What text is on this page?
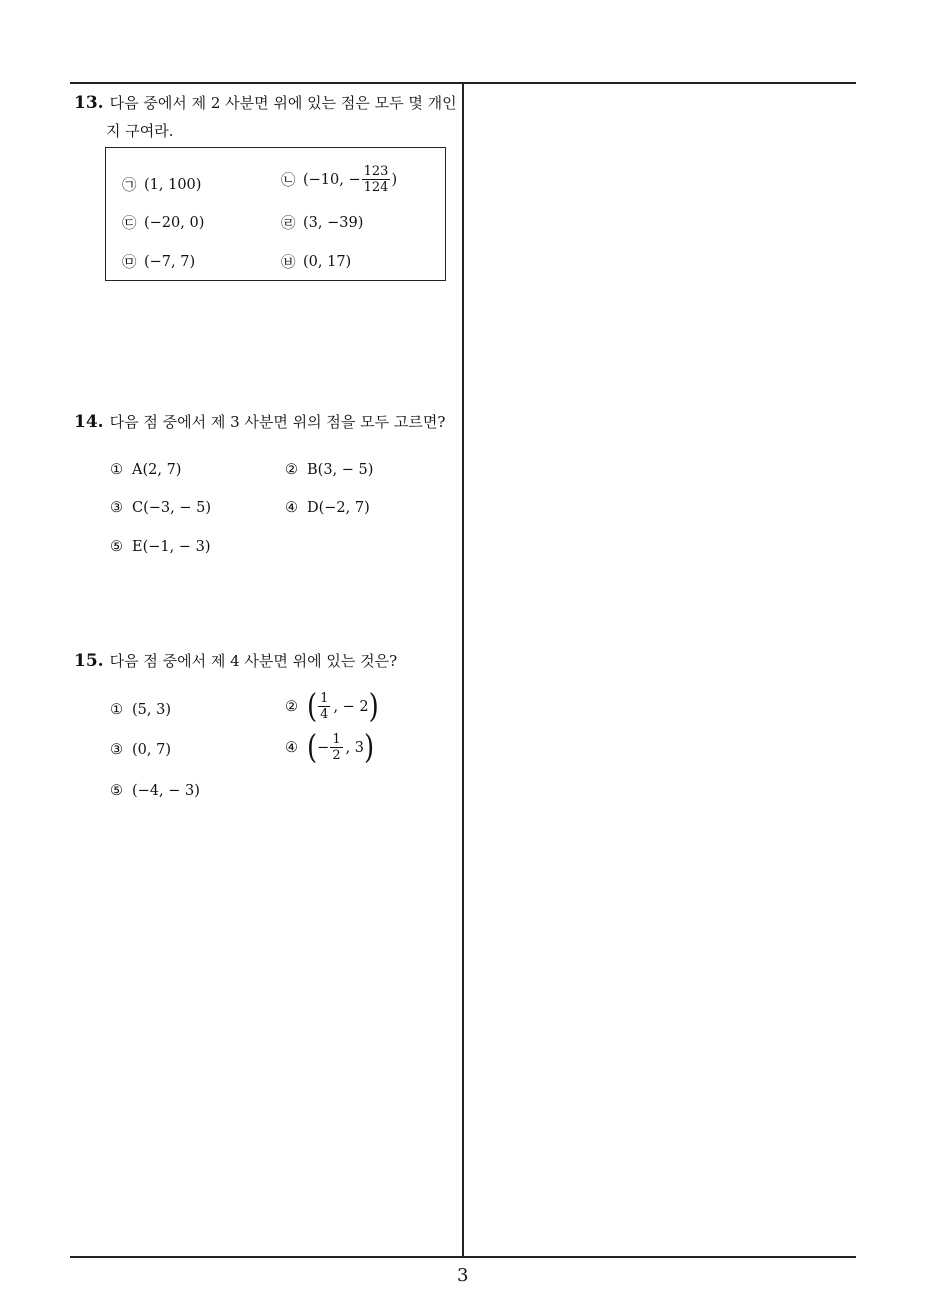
13. 다음 중에서 제 2 사분면 위에 있는 점은 모두 몇 개인
지 구여라.
㉠ (1, 100)	㉡ (−10, − $\frac{123}{124}$ )
㉢ (−20, 0)	㉣ (3, −39)
㉤ (−7, 7)	㉥ (0, 17)
14. 다음 점 중에서 제 3 사분면 위의 점을 모두 고르면?
① A(2, 7)	② B(3, − 5)
③ C(−3, − 5)	④ D(−2, 7)
⑤ E(−1, − 3)
15. 다음 점 중에서 제 4 사분면 위에 있는 것은?
① (5, 3)	② ( $\frac{1}{4}$ , − 2 )
③ (0, 7)	④ ( − $\frac{1}{2}$ , 3 )
⑤ (−4, − 3)
3
